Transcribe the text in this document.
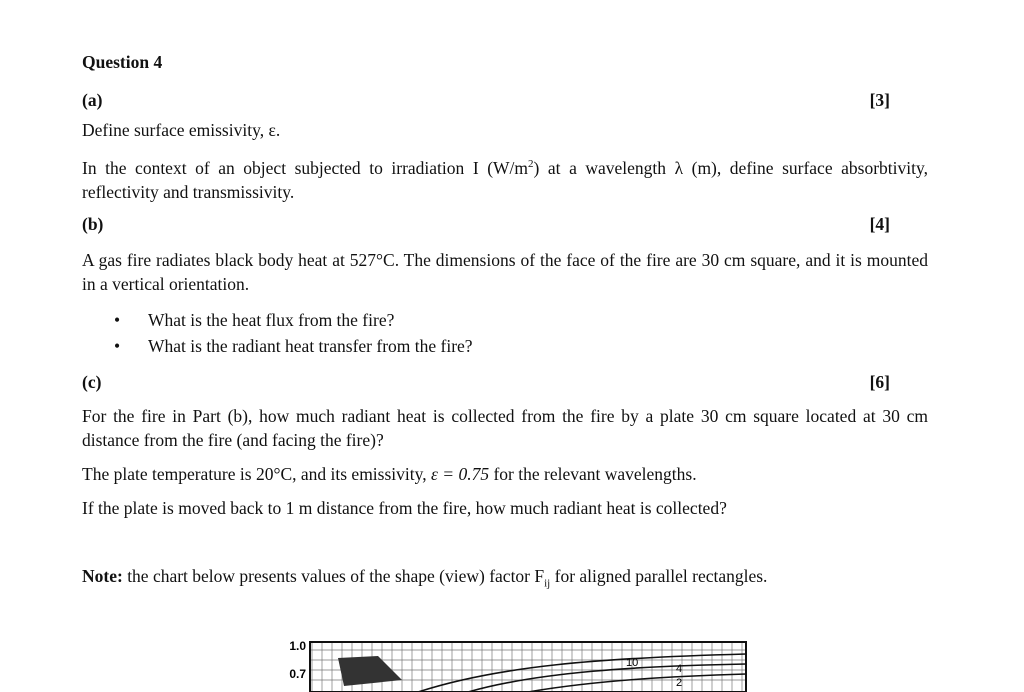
Question 4
(a)	[3]
Define surface emissivity, ε.
In the context of an object subjected to irradiation I $(W/m^2)$ at a wavelength λ (m), define surface absorbtivity, reflectivity and transmissivity.
(b)	[4]
A gas fire radiates black body heat at 527°C. The dimensions of the face of the fire are 30 cm square, and it is mounted in a vertical orientation.
• What is the heat flux from the fire?
• What is the radiant heat transfer from the fire?
(c)	[6]
For the fire in Part (b), how much radiant heat is collected from the fire by a plate 30 cm square located at 30 cm distance from the fire (and facing the fire)?
The plate temperature is 20°C, and its emissivity, ε = 0.75 for the relevant wavelengths.
If the plate is moved back to 1 m distance from the fire, how much radiant heat is collected?
Note: the chart below presents values of the shape (view) factor $F_{ij}$ for aligned parallel rectangles.
1.0
0.7
10	4
2
